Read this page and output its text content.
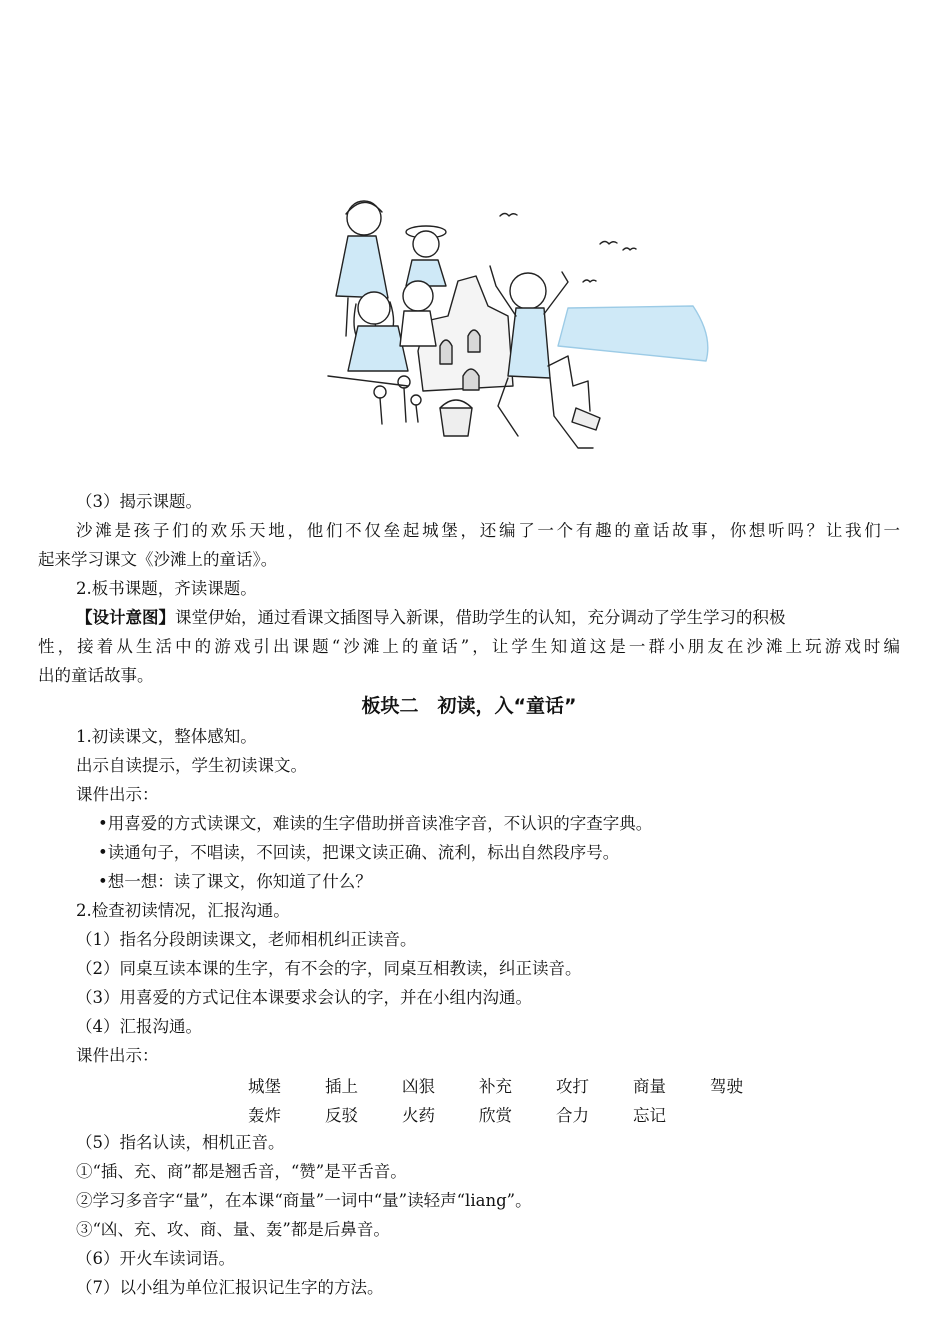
（3）揭示课题。
沙滩是孩子们的欢乐天地，他们不仅垒起城堡，还编了一个有趣的童话故事，你想听吗？让我们一
起来学习课文《沙滩上的童话》。
2.板书课题，齐读课题。
【设计意图】课堂伊始，通过看课文插图导入新课，借助学生的认知，充分调动了学生学习的积极
性，接着从生活中的游戏引出课题“沙滩上的童话”，让学生知道这是一群小朋友在沙滩上玩游戏时编
出的童话故事。
板块二　初读，入“童话”
1.初读课文，整体感知。
出示自读提示，学生初读课文。
课件出示：
•用喜爱的方式读课文，难读的生字借助拼音读准字音，不认识的字查字典。
•读通句子，不唱读，不回读，把课文读正确、流利，标出自然段序号。
•想一想：读了课文，你知道了什么？
2.检查初读情况，汇报沟通。
（1）指名分段朗读课文，老师相机纠正读音。
（2）同桌互读本课的生字，有不会的字，同桌互相教读，纠正读音。
（3）用喜爱的方式记住本课要求会认的字，并在小组内沟通。
（4）汇报沟通。
课件出示：
城堡	插上	凶狠	补充	攻打	商量	驾驶
轰炸	反驳	火药	欣赏	合力	忘记
（5）指名认读，相机正音。
①“插、充、商”都是翘舌音，“赞”是平舌音。
②学习多音字“量”，在本课“商量”一词中“量”读轻声“liang”。
③“凶、充、攻、商、量、轰”都是后鼻音。
（6）开火车读词语。
（7）以小组为单位汇报识记生字的方法。
